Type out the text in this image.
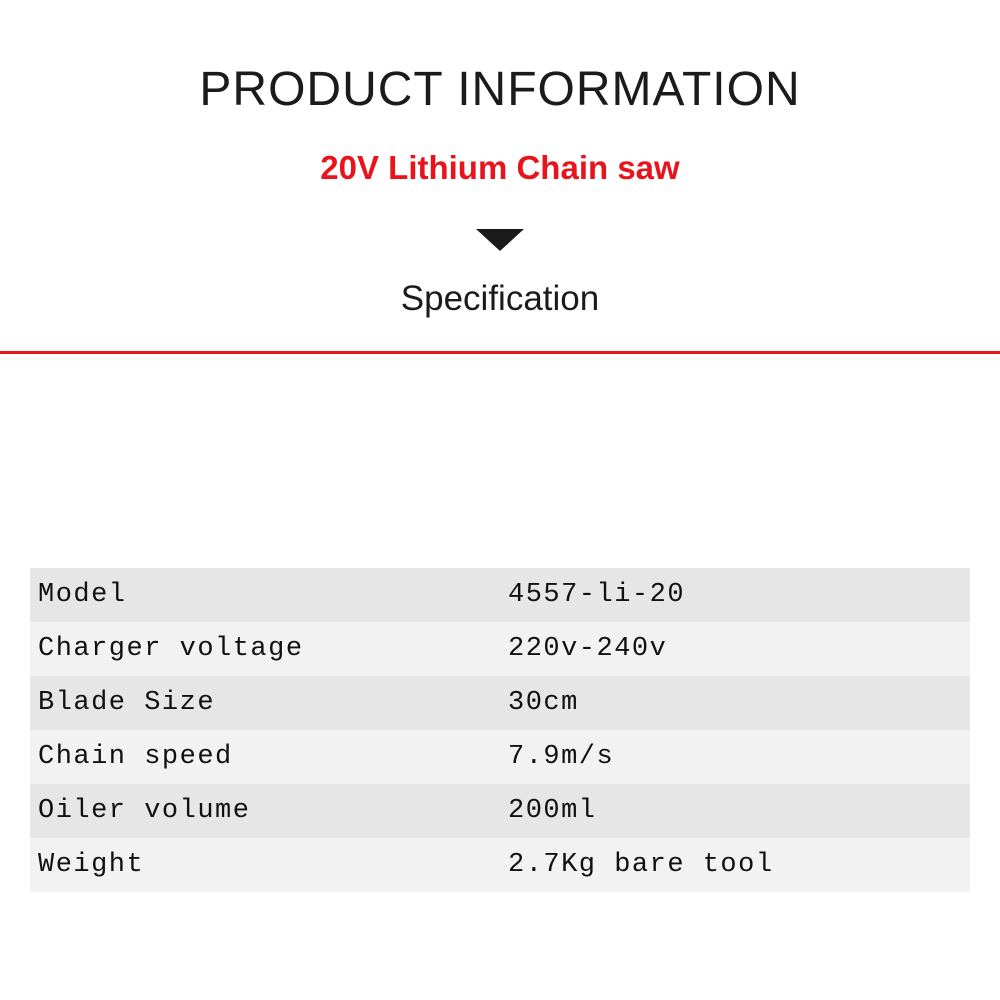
PRODUCT INFORMATION
20V Lithium Chain saw
Specification
Model	4557-li-20
Charger voltage	220v-240v
Blade Size	30cm
Chain speed	7.9m/s
Oiler volume	200ml
Weight	2.7Kg bare tool
